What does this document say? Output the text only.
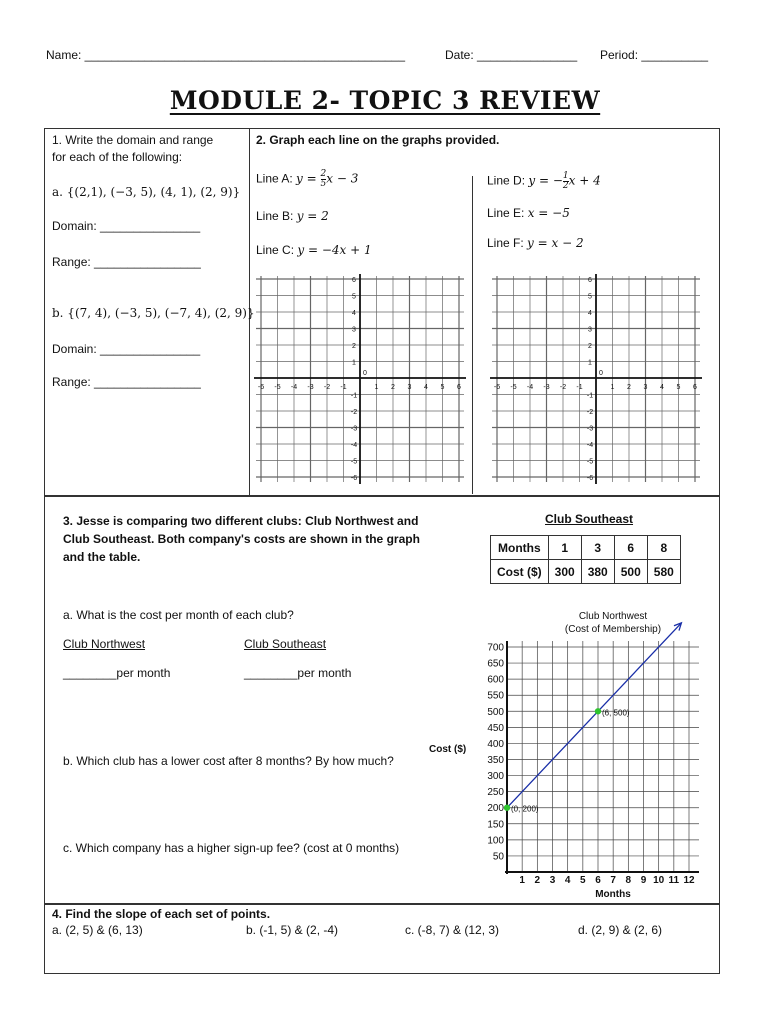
Name: ________________________________________________	Date: _______________ Period: __________
MODULE 2- TOPIC 3 REVIEW
1. Write the domain and range
for each of the following:
a. {(2,1), (−3, 5), (4, 1), (2, 9)}
Domain: _______________
Range: ________________
b. {(7, 4), (−3, 5), (−7, 4), (2, 9)}
Domain: _______________
Range: ________________
2. Graph each line on the graphs provided.
Line A: $y = \frac{2}{5}$ x − 3
Line B: y = 2
Line C: y = −4x + 1
Line D: y = − $\frac{1}{2}$ x + 4
Line E: x = −5
Line F: y = x − 2
-6 -5 -4 -3 -2 -1	1 2 3 4 5 6
6
5
4
3
2
1
-1
-2
-3
-4
-5
-6
0
-6 -5 -4 -3 -2 -1	1 2 3 4 5 6
6
5
4
3
2
1
-1
-2
-3
-4
-5
-6
0
3. Jesse is comparing two different clubs: Club Northwest and
Club Southeast. Both company's costs are shown in the graph
and the table.
Club Southeast
Months	1	3	6	8
Cost ($)	300	380	500	580
a. What is the cost per month of each club?
Club Northwest	Club Southeast
________per month	________per month
b. Which club has a lower cost after 8 months? By how much?
c. Which company has a higher sign-up fee? (cost at 0 months)
Club Northwest
(Cost of Membership)
50
100
150
200
250
300
350
400
450
500
550
600
650
700
1 2 3 4 5 6 7 8 9 10 11 12
Months
Cost ($)
(0, 200)
(6, 500)
4. Find the slope of each set of points.
a. (2, 5) & (6, 13)	b. (-1, 5) & (2, -4)	c. (-8, 7) & (12, 3)	d. (2, 9) & (2, 6)
